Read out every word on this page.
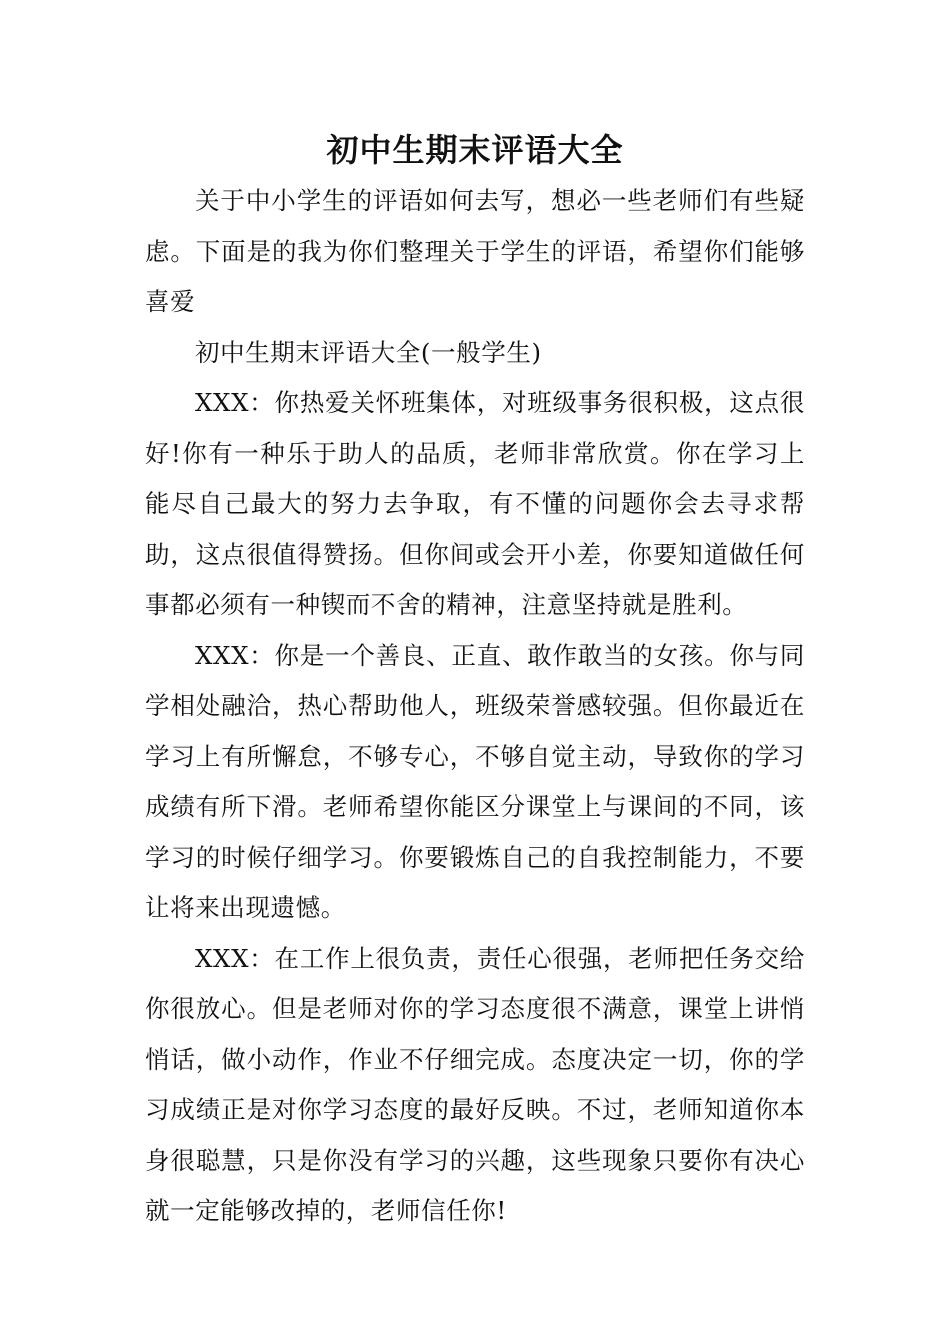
初中生期末评语大全

关于中小学生的评语如何去写，想必一些老师们有些疑虑。下面是的我为你们整理关于学生的评语，希望你们能够喜爱

初中生期末评语大全(一般学生)

XXX：你热爱关怀班集体，对班级事务很积极，这点很好!你有一种乐于助人的品质，老师非常欣赏。你在学习上能尽自己最大的努力去争取，有不懂的问题你会去寻求帮助，这点很值得赞扬。但你间或会开小差，你要知道做任何事都必须有一种锲而不舍的精神，注意坚持就是胜利。

XXX：你是一个善良、正直、敢作敢当的女孩。你与同学相处融洽，热心帮助他人，班级荣誉感较强。但你最近在学习上有所懈怠，不够专心，不够自觉主动，导致你的学习成绩有所下滑。老师希望你能区分课堂上与课间的不同，该学习的时候仔细学习。你要锻炼自己的自我控制能力，不要让将来出现遗憾。

XXX：在工作上很负责，责任心很强，老师把任务交给你很放心。但是老师对你的学习态度很不满意，课堂上讲悄悄话，做小动作，作业不仔细完成。态度决定一切，你的学习成绩正是对你学习态度的最好反映。不过，老师知道你本身很聪慧，只是你没有学习的兴趣，这些现象只要你有决心就一定能够改掉的，老师信任你!
